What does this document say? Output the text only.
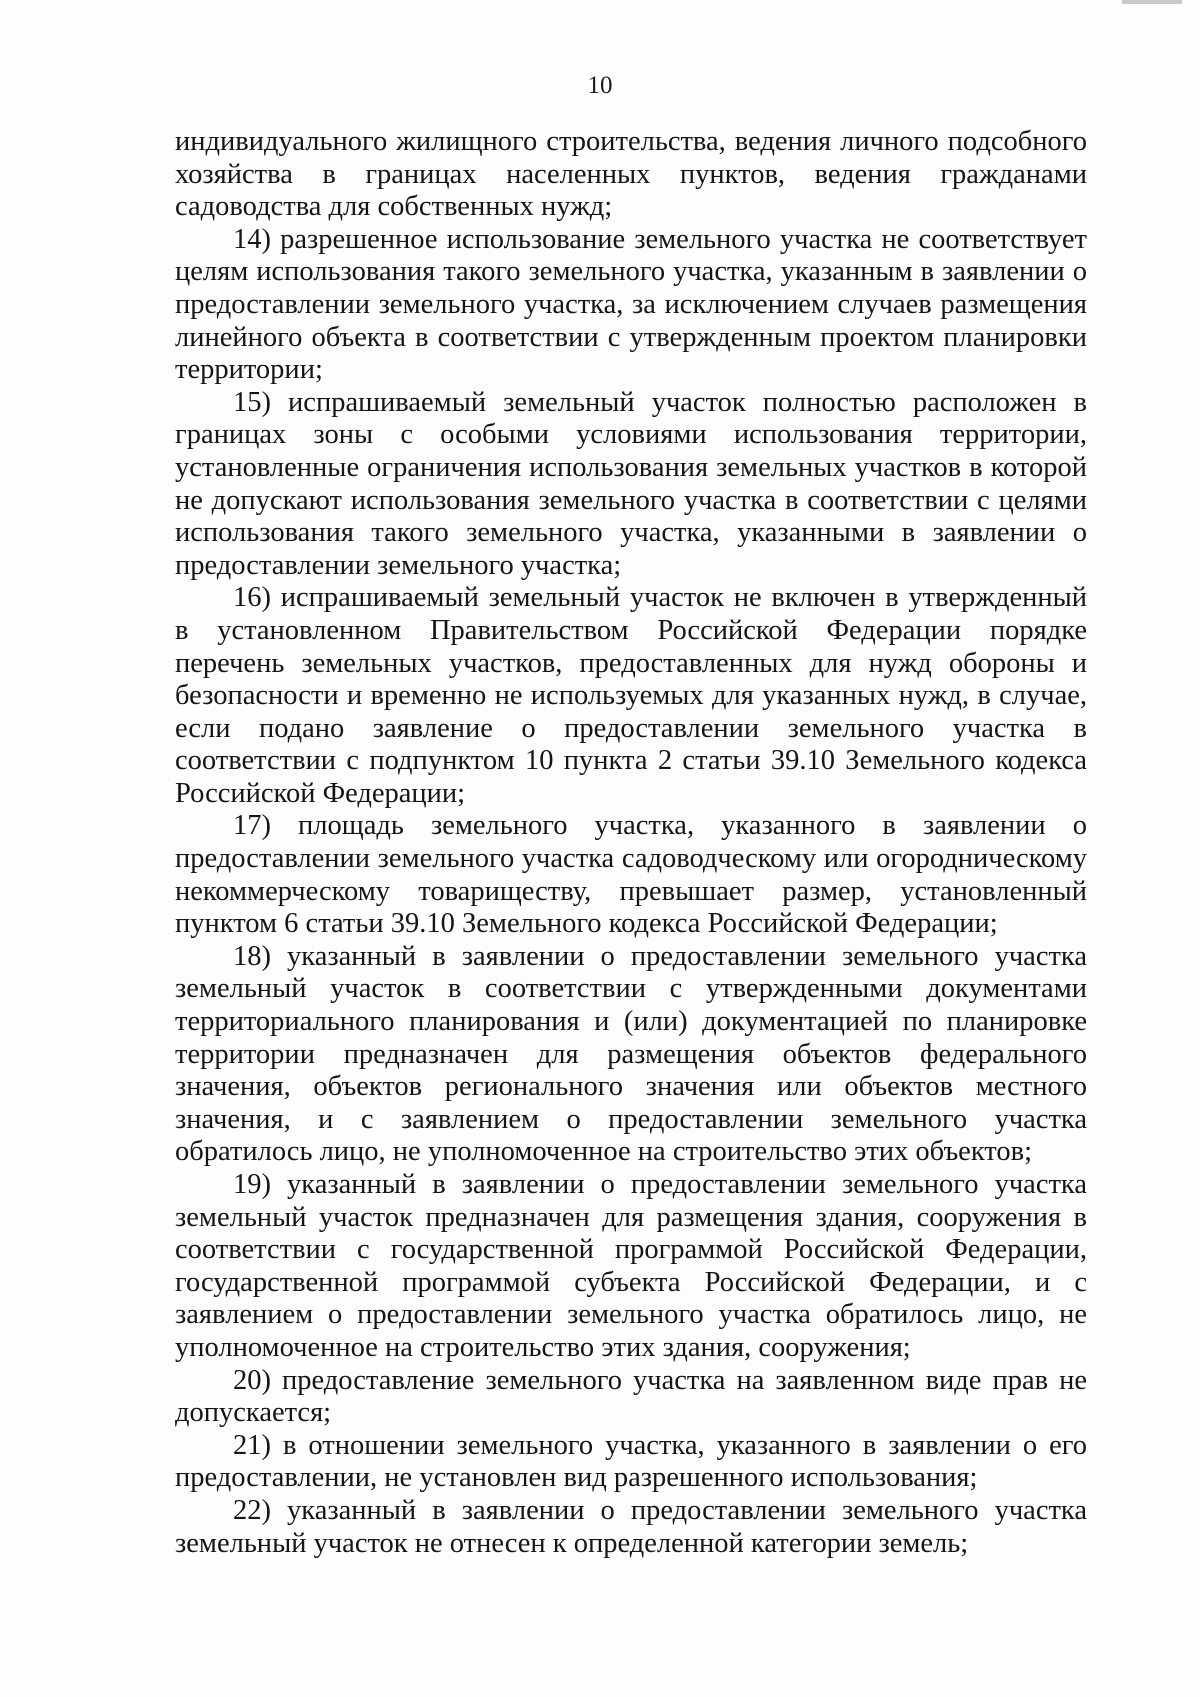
10

индивидуального жилищного строительства, ведения личного подсобного хозяйства в границах населенных пунктов, ведения гражданами садоводства для собственных нужд;

14) разрешенное использование земельного участка не соответствует целям использования такого земельного участка, указанным в заявлении о предоставлении земельного участка, за исключением случаев размещения линейного объекта в соответствии с утвержденным проектом планировки территории;

15) испрашиваемый земельный участок полностью расположен в границах зоны с особыми условиями использования территории, установленные ограничения использования земельных участков в которой не допускают использования земельного участка в соответствии с целями использования такого земельного участка, указанными в заявлении о предоставлении земельного участка;

16) испрашиваемый земельный участок не включен в утвержденный в установленном Правительством Российской Федерации порядке перечень земельных участков, предоставленных для нужд обороны и безопасности и временно не используемых для указанных нужд, в случае, если подано заявление о предоставлении земельного участка в соответствии с подпунктом 10 пункта 2 статьи 39.10 Земельного кодекса Российской Федерации;

17) площадь земельного участка, указанного в заявлении о предоставлении земельного участка садоводческому или огородническому некоммерческому товариществу, превышает размер, установленный пунктом 6 статьи 39.10 Земельного кодекса Российской Федерации;

18) указанный в заявлении о предоставлении земельного участка земельный участок в соответствии с утвержденными документами территориального планирования и (или) документацией по планировке территории предназначен для размещения объектов федерального значения, объектов регионального значения или объектов местного значения, и с заявлением о предоставлении земельного участка обратилось лицо, не уполномоченное на строительство этих объектов;

19) указанный в заявлении о предоставлении земельного участка земельный участок предназначен для размещения здания, сооружения в соответствии с государственной программой Российской Федерации, государственной программой субъекта Российской Федерации, и с заявлением о предоставлении земельного участка обратилось лицо, не уполномоченное на строительство этих здания, сооружения;

20) предоставление земельного участка на заявленном виде прав не допускается;

21) в отношении земельного участка, указанного в заявлении о его предоставлении, не установлен вид разрешенного использования;

22) указанный в заявлении о предоставлении земельного участка земельный участок не отнесен к определенной категории земель;
